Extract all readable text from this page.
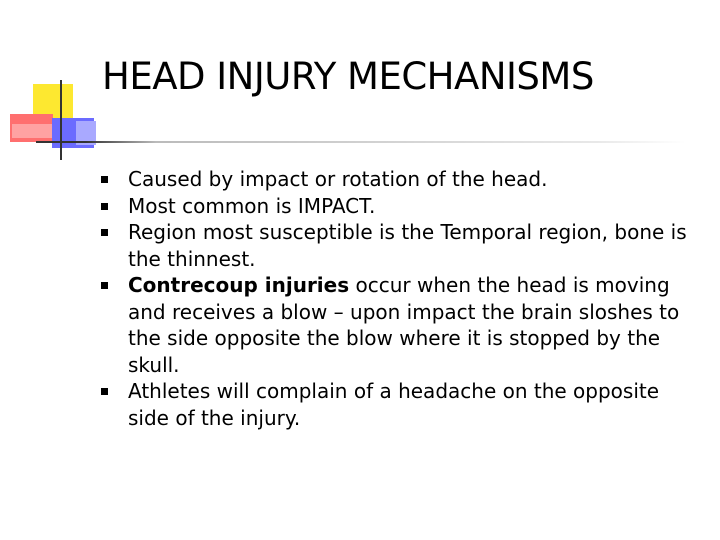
HEAD INJURY MECHANISMS
Caused by impact or rotation of the head.
Most common is IMPACT.
Region most susceptible is the Temporal region, bone is the thinnest.
Contrecoup injuries occur when the head is moving and receives a blow – upon impact the brain sloshes to the side opposite the blow where it is stopped by the skull.
Athletes will complain of a headache on the opposite side of the injury.
